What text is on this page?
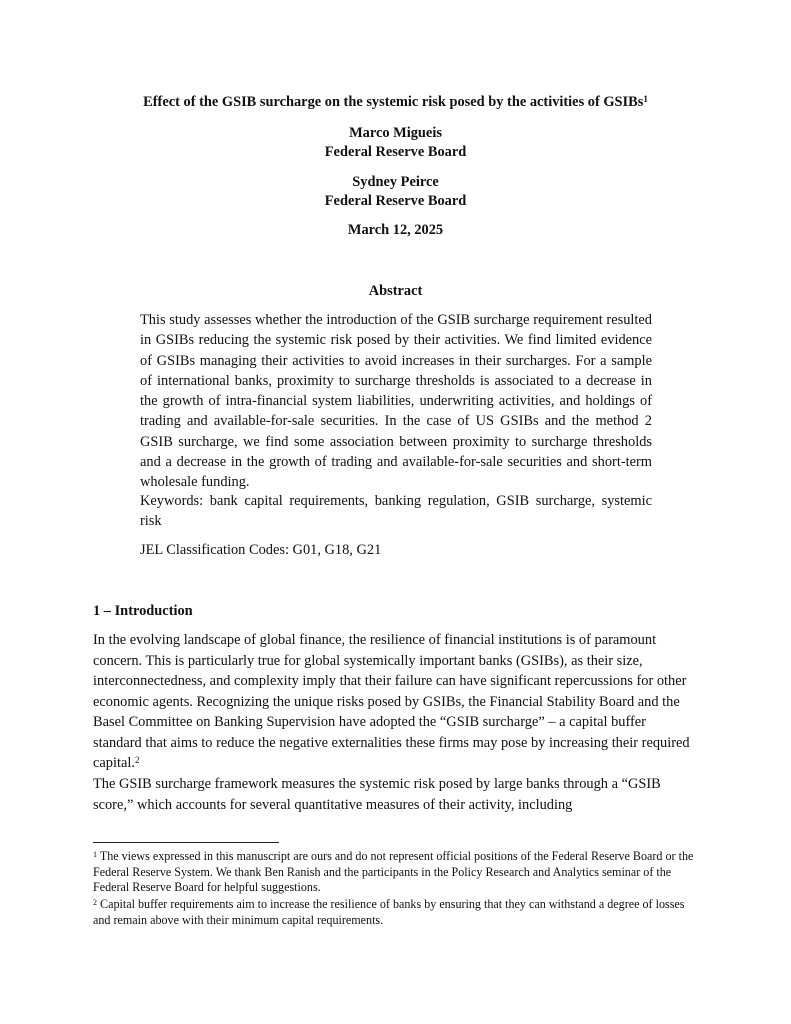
Effect of the GSIB surcharge on the systemic risk posed by the activities of GSIBs$^1$
Marco Migueis
Federal Reserve Board
Sydney Peirce
Federal Reserve Board
March 12, 2025
Abstract
This study assesses whether the introduction of the GSIB surcharge requirement resulted in GSIBs reducing the systemic risk posed by their activities. We find limited evidence of GSIBs managing their activities to avoid increases in their surcharges. For a sample of international banks, proximity to surcharge thresholds is associated to a decrease in the growth of intra-financial system liabilities, underwriting activities, and holdings of trading and available-for-sale securities. In the case of US GSIBs and the method 2 GSIB surcharge, we find some association between proximity to surcharge thresholds and a decrease in the growth of trading and available-for-sale securities and short-term wholesale funding.
Keywords: bank capital requirements, banking regulation, GSIB surcharge, systemic risk
JEL Classification Codes: G01, G18, G21
1 – Introduction
In the evolving landscape of global finance, the resilience of financial institutions is of paramount concern. This is particularly true for global systemically important banks (GSIBs), as their size, interconnectedness, and complexity imply that their failure can have significant repercussions for other economic agents. Recognizing the unique risks posed by GSIBs, the Financial Stability Board and the Basel Committee on Banking Supervision have adopted the “GSIB surcharge” – a capital buffer standard that aims to reduce the negative externalities these firms may pose by increasing their required capital.$^2$
The GSIB surcharge framework measures the systemic risk posed by large banks through a “GSIB score,” which accounts for several quantitative measures of their activity, including
$^1$ The views expressed in this manuscript are ours and do not represent official positions of the Federal Reserve Board or the Federal Reserve System. We thank Ben Ranish and the participants in the Policy Research and Analytics seminar of the Federal Reserve Board for helpful suggestions.
$^2$ Capital buffer requirements aim to increase the resilience of banks by ensuring that they can withstand a degree of losses and remain above with their minimum capital requirements.
